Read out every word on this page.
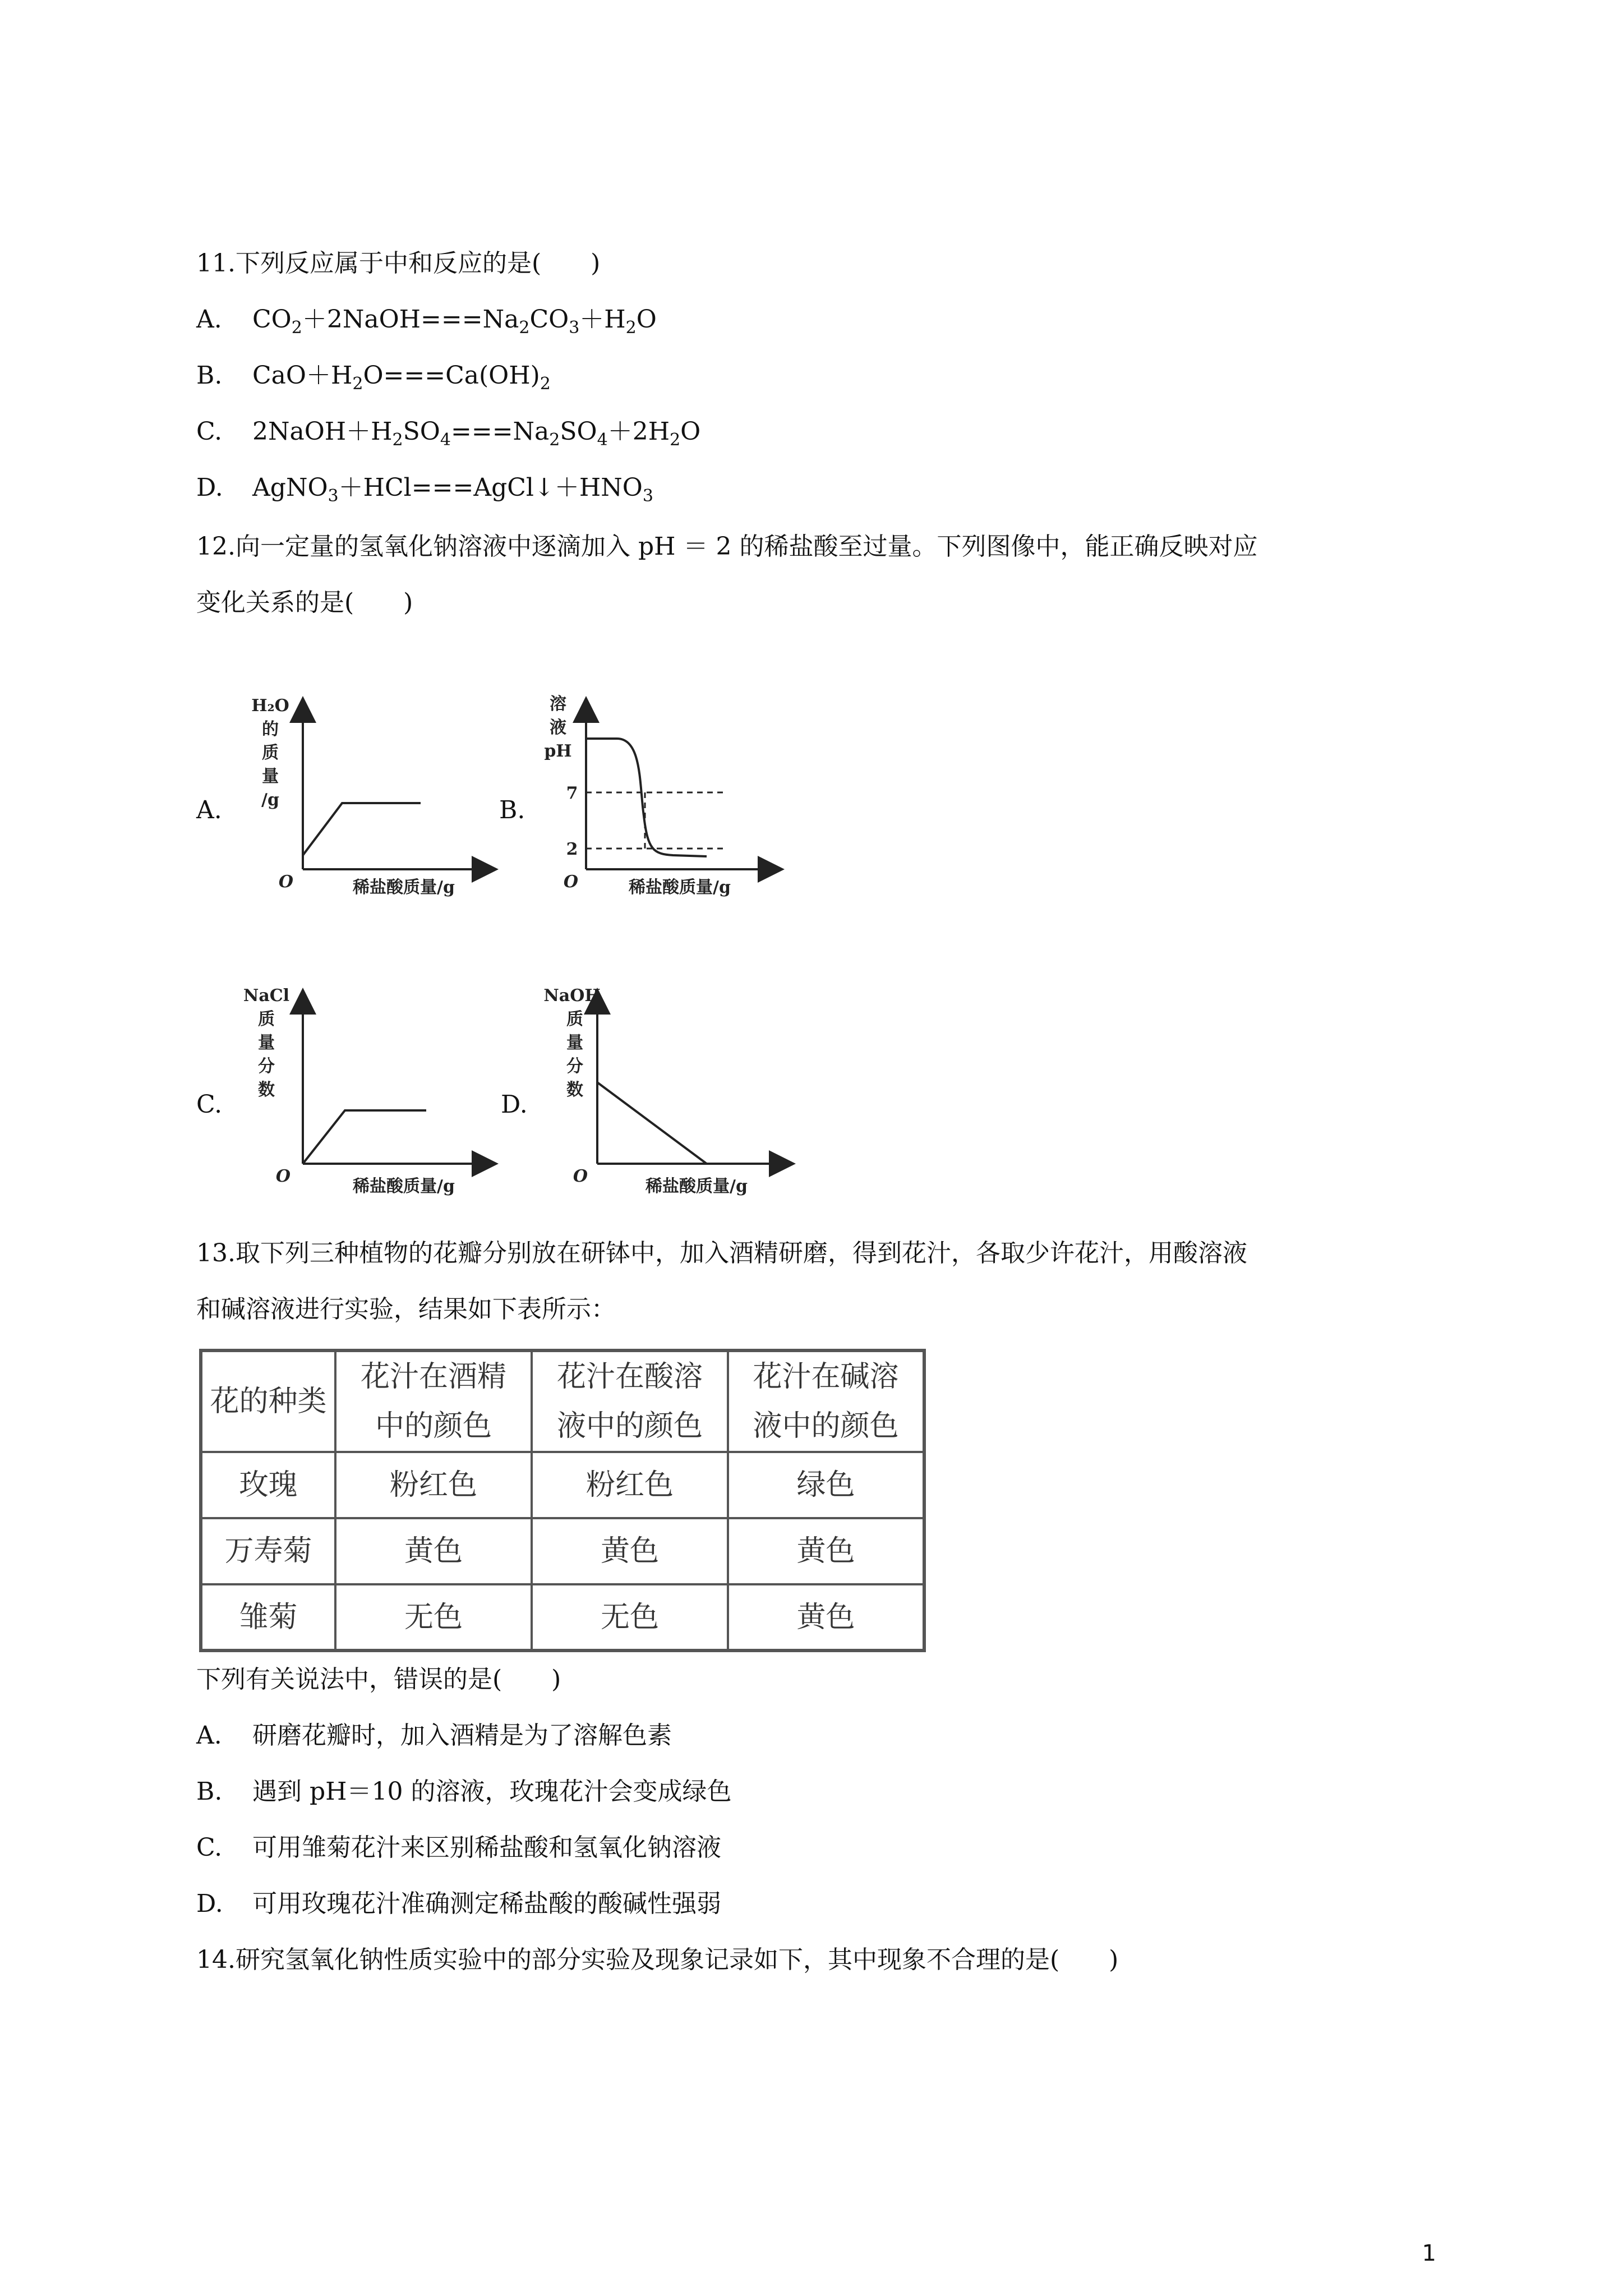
11.下列反应属于中和反应的是(　　)
A. $CO_2+2NaOH===Na_2CO_3+H_2O$
B. $CaO+H_2O===Ca(OH)_2$
C. $2NaOH+H_2SO_4===Na_2SO_4+2H_2O$
D. $AgNO_3+HCl===AgCl↓+HNO_3$
12.向一定量的氢氧化钠溶液中逐滴加入 pH ＝ 2 的稀盐酸至过量。下列图像中，能正确反映对应
变化关系的是(　　)
A.
H₂O
的
质
量
/g
O	稀盐酸质量/g
B.
溶
液
pH
7
2
O	稀盐酸质量/g
C.
NaCl
质
量
分
数
O
稀盐酸质量/g
D.
NaOH
质
量
分
数
O
稀盐酸质量/g
13.取下列三种植物的花瓣分别放在研钵中，加入酒精研磨，得到花汁，各取少许花汁，用酸溶液
和碱溶液进行实验，结果如下表所示：
花的种类	花汁在酒精
中的颜色	花汁在酸溶
液中的颜色	花汁在碱溶
液中的颜色
玫瑰	粉红色	粉红色	绿色
万寿菊	黄色	黄色	黄色
雏菊	无色	无色	黄色
下列有关说法中，错误的是(　　)
A. 研磨花瓣时，加入酒精是为了溶解色素
B. 遇到 pH＝10 的溶液，玫瑰花汁会变成绿色
C. 可用雏菊花汁来区别稀盐酸和氢氧化钠溶液
D. 可用玫瑰花汁准确测定稀盐酸的酸碱性强弱
14.研究氢氧化钠性质实验中的部分实验及现象记录如下，其中现象不合理的是(　　)
1
